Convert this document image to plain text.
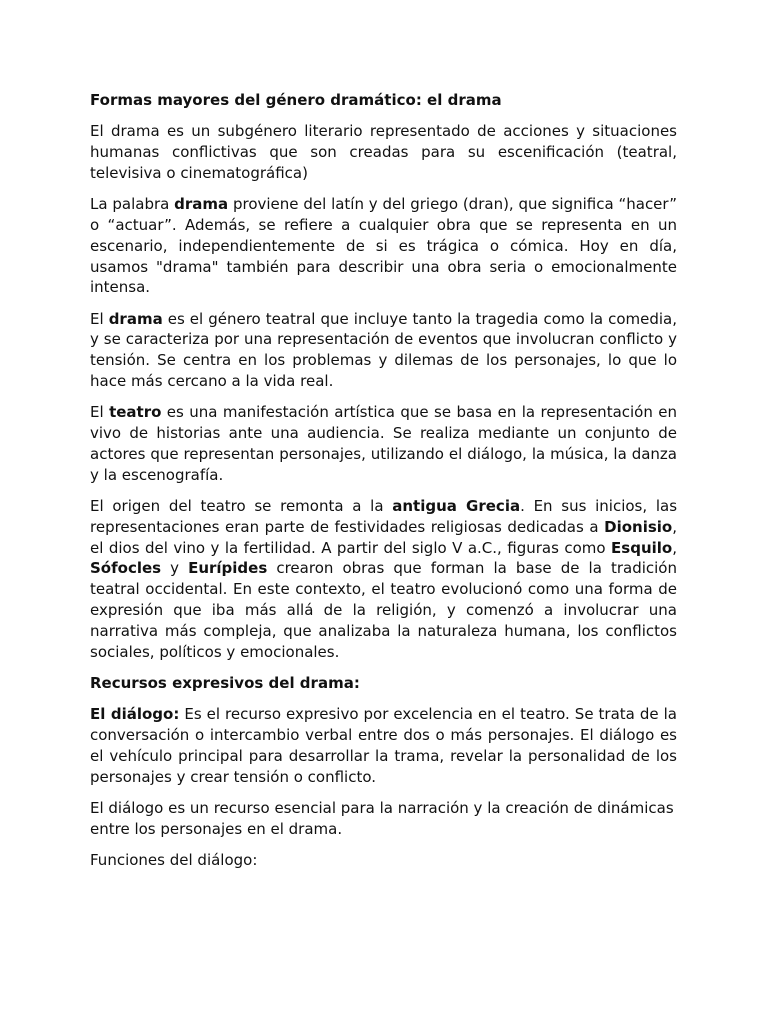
Formas mayores del género dramático: el drama

El drama es un subgénero literario representado de acciones y situaciones humanas conflictivas que son creadas para su escenificación (teatral, televisiva o cinematográfica)

La palabra drama proviene del latín y del griego (dran), que significa “hacer” o “actuar”. Además, se refiere a cualquier obra que se representa en un escenario, independientemente de si es trágica o cómica. Hoy en día, usamos "drama" también para describir una obra seria o emocionalmente intensa.

El drama es el género teatral que incluye tanto la tragedia como la comedia, y se caracteriza por una representación de eventos que involucran conflicto y tensión. Se centra en los problemas y dilemas de los personajes, lo que lo hace más cercano a la vida real.

El teatro es una manifestación artística que se basa en la representación en vivo de historias ante una audiencia. Se realiza mediante un conjunto de actores que representan personajes, utilizando el diálogo, la música, la danza y la escenografía.

El origen del teatro se remonta a la antigua Grecia. En sus inicios, las representaciones eran parte de festividades religiosas dedicadas a Dionisio, el dios del vino y la fertilidad. A partir del siglo V a.C., figuras como Esquilo, Sófocles y Eurípides crearon obras que forman la base de la tradición teatral occidental. En este contexto, el teatro evolucionó como una forma de expresión que iba más allá de la religión, y comenzó a involucrar una narrativa más compleja, que analizaba la naturaleza humana, los conflictos sociales, políticos y emocionales.

Recursos expresivos del drama:

El diálogo: Es el recurso expresivo por excelencia en el teatro. Se trata de la conversación o intercambio verbal entre dos o más personajes. El diálogo es el vehículo principal para desarrollar la trama, revelar la personalidad de los personajes y crear tensión o conflicto.

El diálogo es un recurso esencial para la narración y la creación de dinámicas entre los personajes en el drama.

Funciones del diálogo:
